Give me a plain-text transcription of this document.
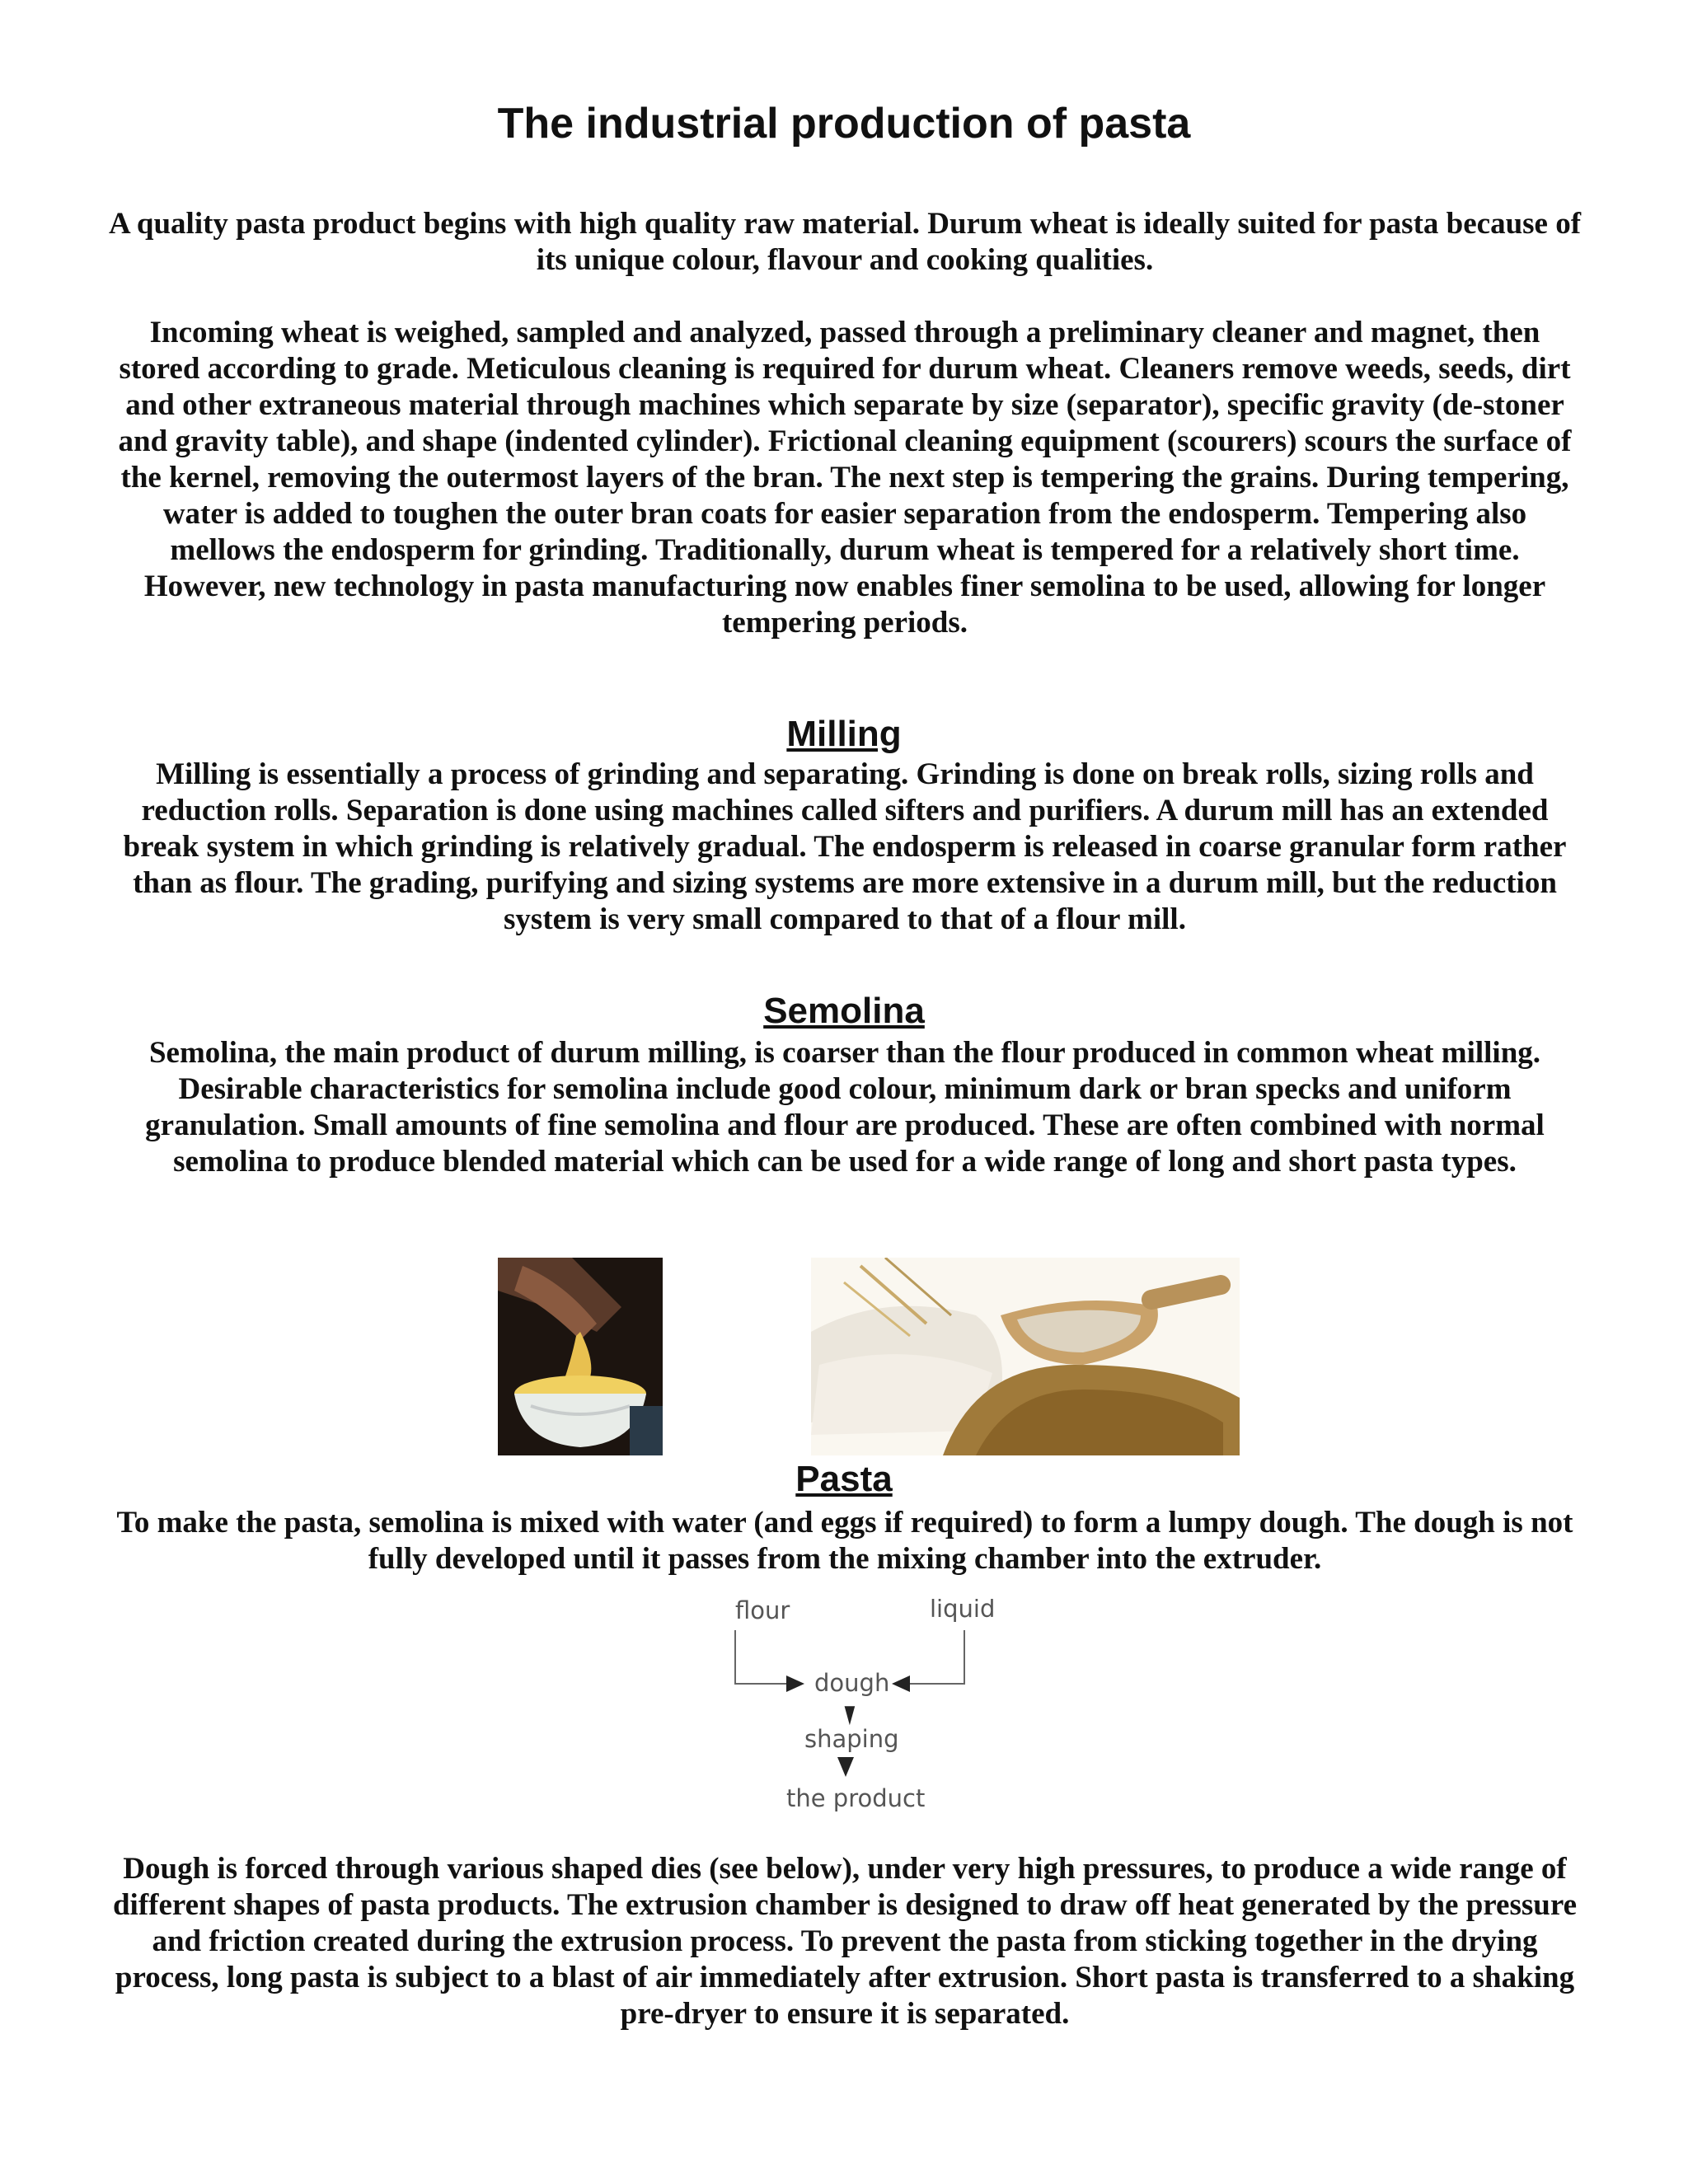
The industrial production of pasta

A quality pasta product begins with high quality raw material. Durum wheat is ideally suited for pasta because of its unique colour, flavour and cooking qualities.

Incoming wheat is weighed, sampled and analyzed, passed through a preliminary cleaner and magnet, then stored according to grade. Meticulous cleaning is required for durum wheat. Cleaners remove weeds, seeds, dirt and other extraneous material through machines which separate by size (separator), specific gravity (de-stoner and gravity table), and shape (indented cylinder). Frictional cleaning equipment (scourers) scours the surface of the kernel, removing the outermost layers of the bran. The next step is tempering the grains. During tempering, water is added to toughen the outer bran coats for easier separation from the endosperm. Tempering also mellows the endosperm for grinding. Traditionally, durum wheat is tempered for a relatively short time. However, new technology in pasta manufacturing now enables finer semolina to be used, allowing for longer tempering periods.

Milling

Milling is essentially a process of grinding and separating. Grinding is done on break rolls, sizing rolls and reduction rolls. Separation is done using machines called sifters and purifiers. A durum mill has an extended break system in which grinding is relatively gradual. The endosperm is released in coarse granular form rather than as flour. The grading, purifying and sizing systems are more extensive in a durum mill, but the reduction system is very small compared to that of a flour mill.

Semolina

Semolina, the main product of durum milling, is coarser than the flour produced in common wheat milling. Desirable characteristics for semolina include good colour, minimum dark or bran specks and uniform granulation. Small amounts of fine semolina and flour are produced. These are often combined with normal semolina to produce blended material which can be used for a wide range of long and short pasta types.

Pasta

To make the pasta, semolina is mixed with water (and eggs if required) to form a lumpy dough. The dough is not fully developed until it passes from the mixing chamber into the extruder.

flour	liquid
dough
shaping
the product

Dough is forced through various shaped dies (see below), under very high pressures, to produce a wide range of different shapes of pasta products. The extrusion chamber is designed to draw off heat generated by the pressure and friction created during the extrusion process. To prevent the pasta from sticking together in the drying process, long pasta is subject to a blast of air immediately after extrusion. Short pasta is transferred to a shaking pre-dryer to ensure it is separated.
